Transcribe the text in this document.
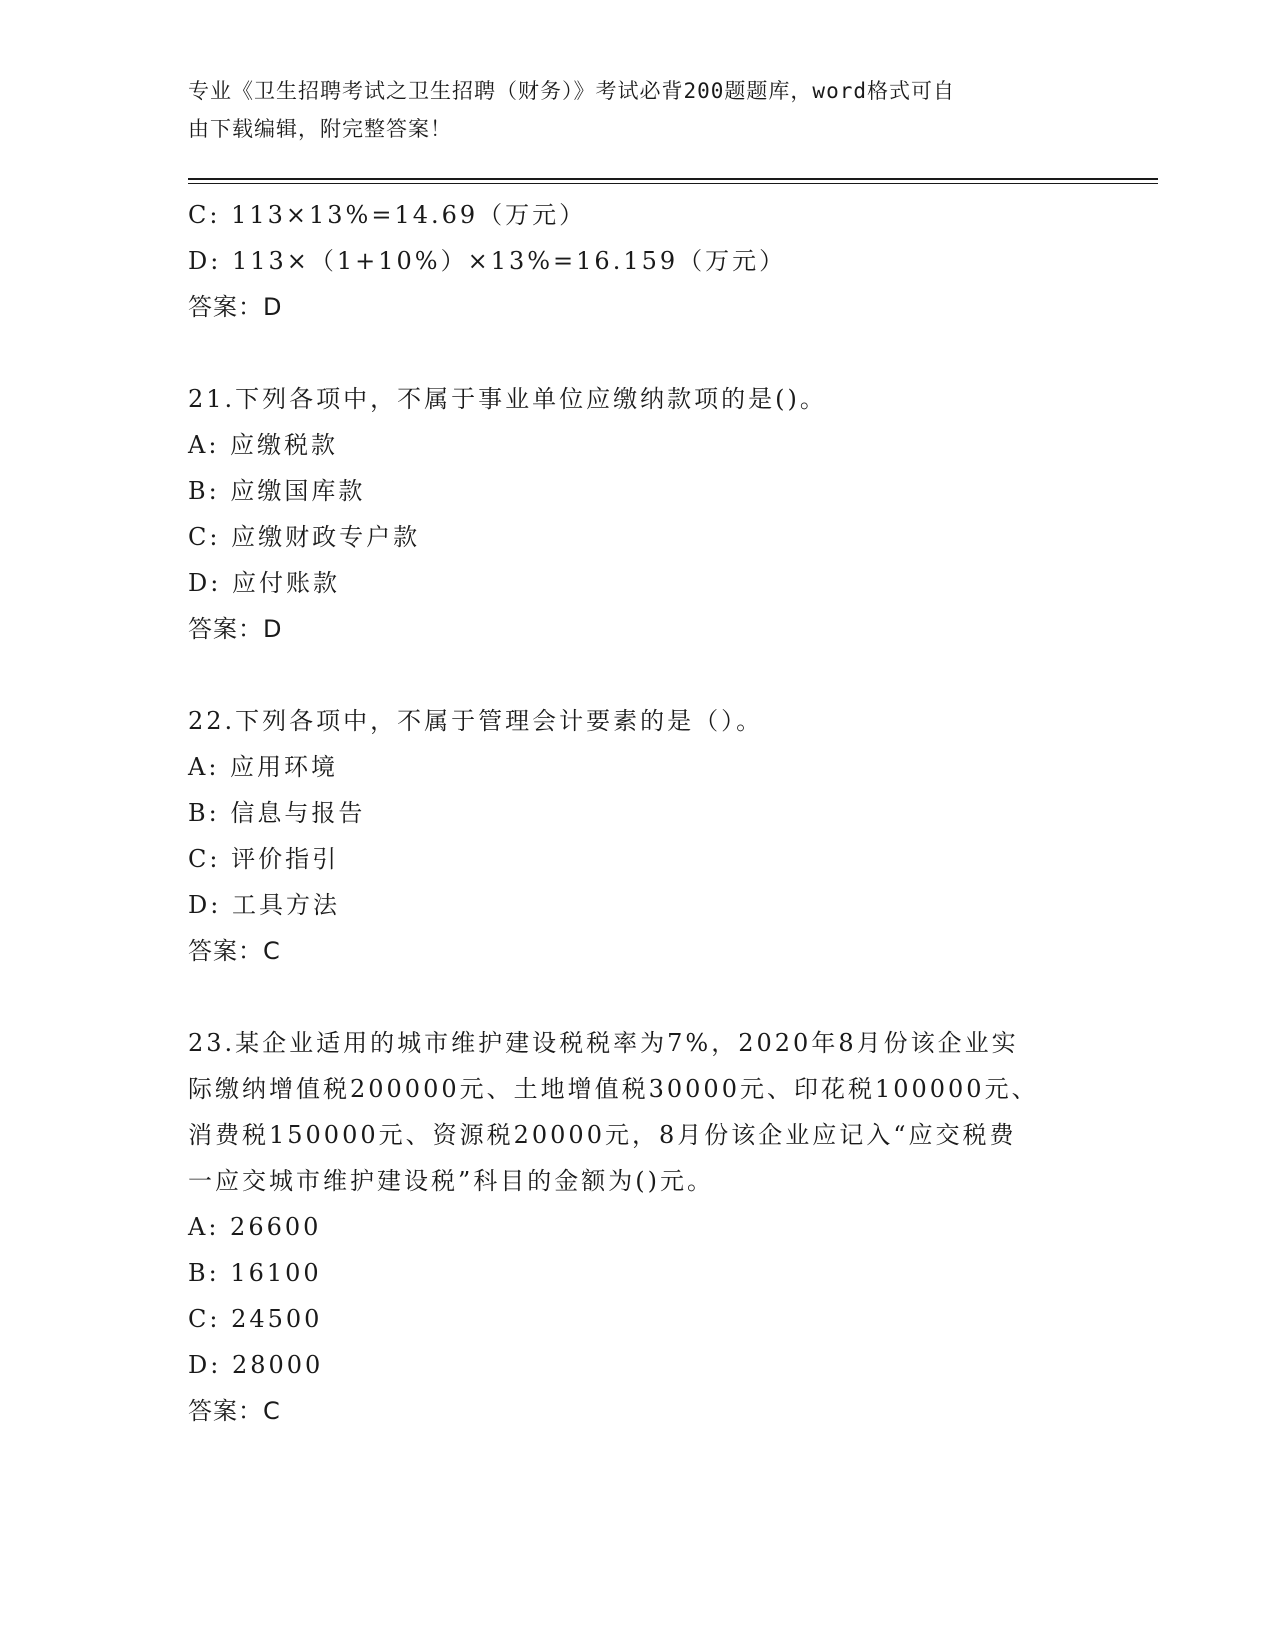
专业《卫生招聘考试之卫生招聘（财务）》考试必背200题题库，word格式可自
由下载编辑，附完整答案！
C: 113×13%=14.69（万元）
D: 113×（1+10%）×13%=16.159（万元）
答案：D
21.下列各项中，不属于事业单位应缴纳款项的是()。
A: 应缴税款
B: 应缴国库款
C: 应缴财政专户款
D: 应付账款
答案：D
22.下列各项中，不属于管理会计要素的是（）。
A: 应用环境
B: 信息与报告
C: 评价指引
D: 工具方法
答案：C
23.某企业适用的城市维护建设税税率为7%，2020年8月份该企业实
际缴纳增值税200000元、土地增值税30000元、印花税100000元、
消费税150000元、资源税20000元，8月份该企业应记入“应交税费
一应交城市维护建设税”科目的金额为()元。
A: 26600
B: 16100
C: 24500
D: 28000
答案：C
